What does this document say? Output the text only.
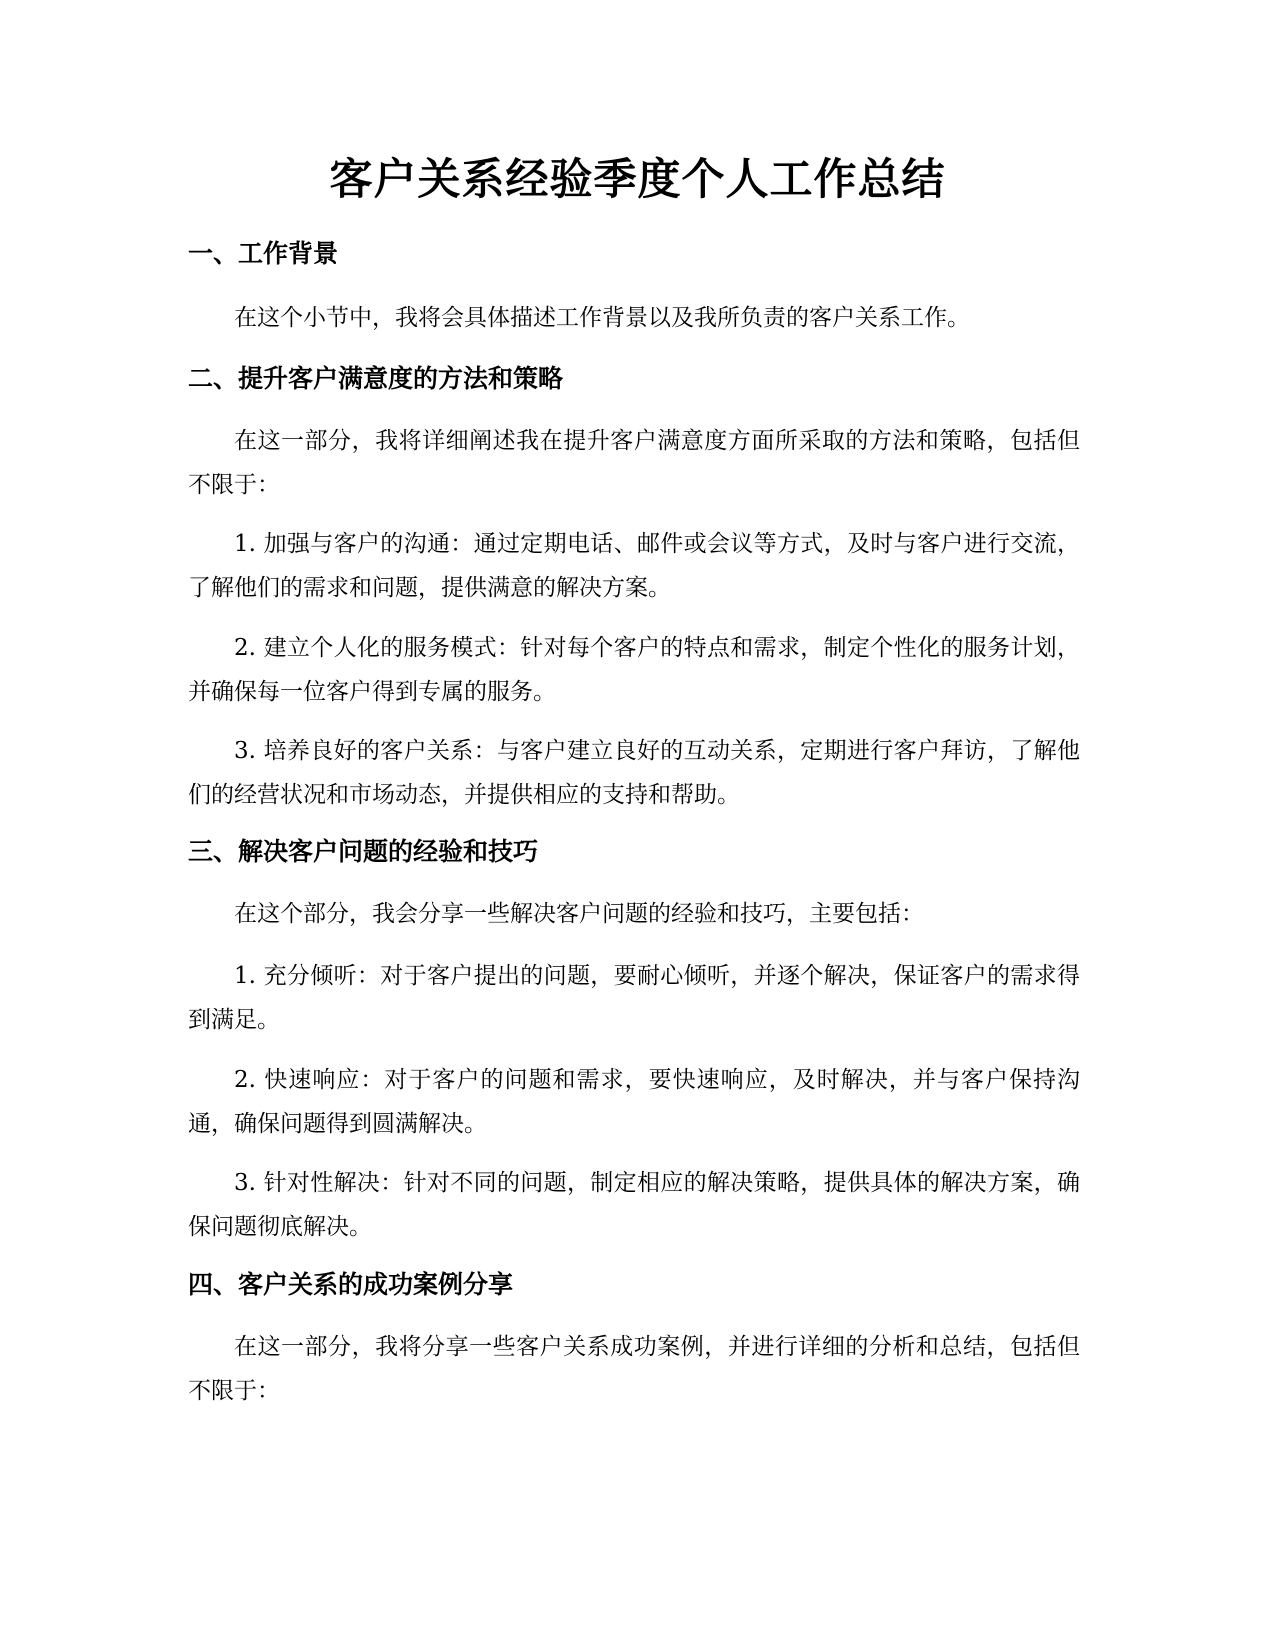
客户关系经验季度个人工作总结
一、工作背景

在这个小节中，我将会具体描述工作背景以及我所负责的客户关系工作。

二、提升客户满意度的方法和策略

在这一部分，我将详细阐述我在提升客户满意度方面所采取的方法和策略，包括但不限于：

1. 加强与客户的沟通：通过定期电话、邮件或会议等方式，及时与客户进行交流，了解他们的需求和问题，提供满意的解决方案。

2. 建立个人化的服务模式：针对每个客户的特点和需求，制定个性化的服务计划，并确保每一位客户得到专属的服务。

3. 培养良好的客户关系：与客户建立良好的互动关系，定期进行客户拜访，了解他们的经营状况和市场动态，并提供相应的支持和帮助。

三、解决客户问题的经验和技巧

在这个部分，我会分享一些解决客户问题的经验和技巧，主要包括：

1. 充分倾听：对于客户提出的问题，要耐心倾听，并逐个解决，保证客户的需求得到满足。

2. 快速响应：对于客户的问题和需求，要快速响应，及时解决，并与客户保持沟通，确保问题得到圆满解决。

3. 针对性解决：针对不同的问题，制定相应的解决策略，提供具体的解决方案，确保问题彻底解决。

四、客户关系的成功案例分享

在这一部分，我将分享一些客户关系成功案例，并进行详细的分析和总结，包括但不限于：
